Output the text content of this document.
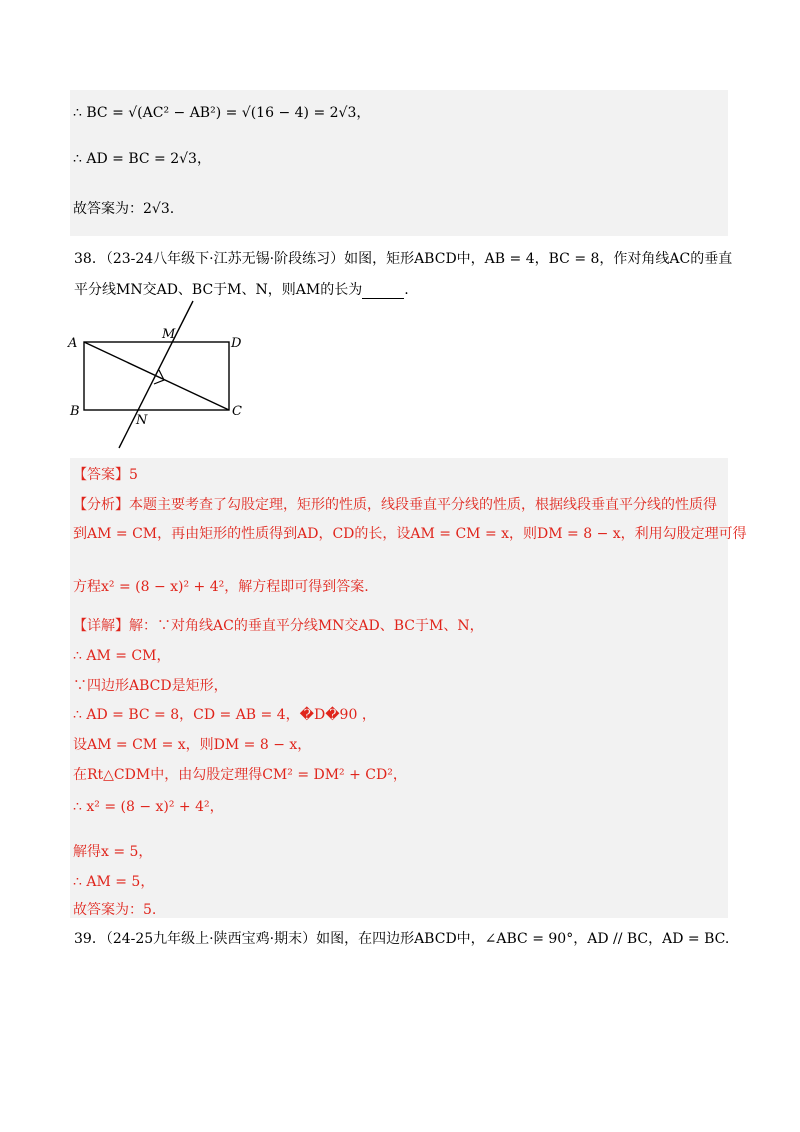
∴ BC = √(AC² − AB²) = √(16 − 4) = 2√3，
∴ AD = BC = 2√3，
故答案为：2√3.
38．（23-24八年级下·江苏无锡·阶段练习）如图，矩形ABCD中，AB = 4，BC = 8，作对角线AC的垂直
平分线MN交AD、BC于M、N，则AM的长为	.
A	D
B	C
M
N
【答案】5
【分析】本题主要考查了勾股定理，矩形的性质，线段垂直平分线的性质，根据线段垂直平分线的性质得
到AM = CM，再由矩形的性质得到AD，CD的长，设AM = CM = x，则DM = 8 − x，利用勾股定理可得
方程x² = (8 − x)² + 4²，解方程即可得到答案.
【详解】解：∵对角线AC的垂直平分线MN交AD、BC于M、N，
∴ AM = CM，
∵四边形ABCD是矩形，
∴ AD = BC = 8，CD = AB = 4，�D�90 ，
设AM = CM = x，则DM = 8 − x，
在Rt△CDM中，由勾股定理得CM² = DM² + CD²，
∴ x² = (8 − x)² + 4²，
解得x = 5，
∴ AM = 5，
故答案为：5.
39．（24-25九年级上·陕西宝鸡·期末）如图，在四边形ABCD中，∠ABC = 90°，AD // BC，AD = BC.
